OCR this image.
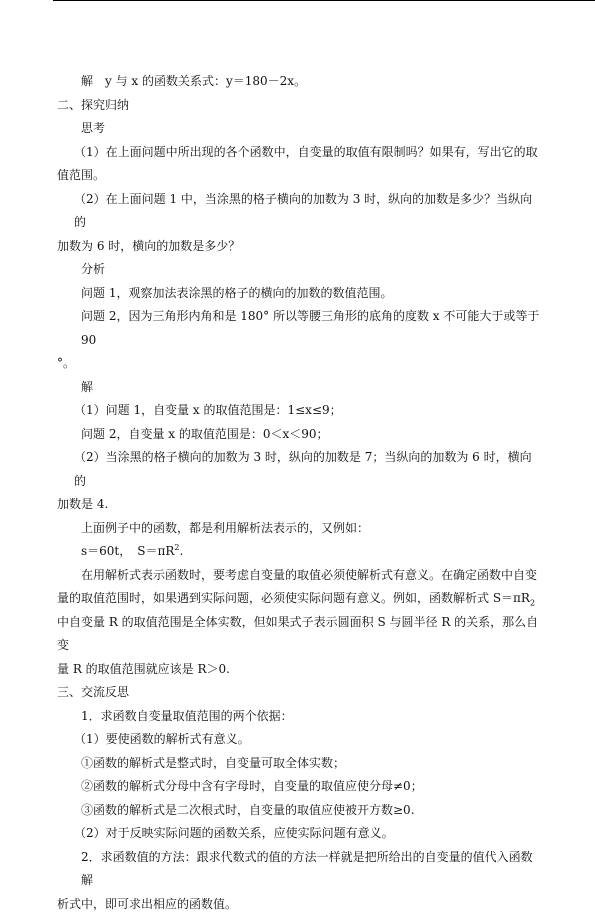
解　y 与 x 的函数关系式：y＝180－2x。

二、探究归纳

思考

（1）在上面问题中所出现的各个函数中，自变量的取值有限制吗？如果有，写出它的取

值范围。

（2）在上面问题 1 中，当涂黑的格子横向的加数为 3 时，纵向的加数是多少？当纵向的

加数为 6 时，横向的加数是多少？

分析

问题 1，观察加法表涂黑的格子的横向的加数的数值范围。

问题 2，因为三角形内角和是 180° 所以等腰三角形的底角的度数 x 不可能大于或等于 90

°。

解

（1）问题 1，自变量 x 的取值范围是：1≤x≤9；

问题 2，自变量 x 的取值范围是：0＜x＜90；

（2）当涂黑的格子横向的加数为 3 时，纵向的加数是 7；当纵向的加数为 6 时，横向的

加数是 4.

上面例子中的函数，都是利用解析法表示的，又例如：

s＝60t，　$S=\pi R^2$.

在用解析式表示函数时，要考虑自变量的取值必须使解析式有意义。在确定函数中自变

量的取值范围时，如果遇到实际问题，必须使实际问题有意义。例如，函数解析式 $S=\pi R_2$

中自变量 R 的取值范围是全体实数，但如果式子表示圆面积 S 与圆半径 R 的关系，那么自变

量 R 的取值范围就应该是 R＞0.

三、交流反思

1．求函数自变量取值范围的两个依据：

（1）要使函数的解析式有意义。

①函数的解析式是整式时，自变量可取全体实数；

②函数的解析式分母中含有字母时，自变量的取值应使分母≠0；

③函数的解析式是二次根式时，自变量的取值应使被开方数≥0.

（2）对于反映实际问题的函数关系，应使实际问题有意义。

2．求函数值的方法：跟求代数式的值的方法一样就是把所给出的自变量的值代入函数解

析式中，即可求出相应的函数值。
